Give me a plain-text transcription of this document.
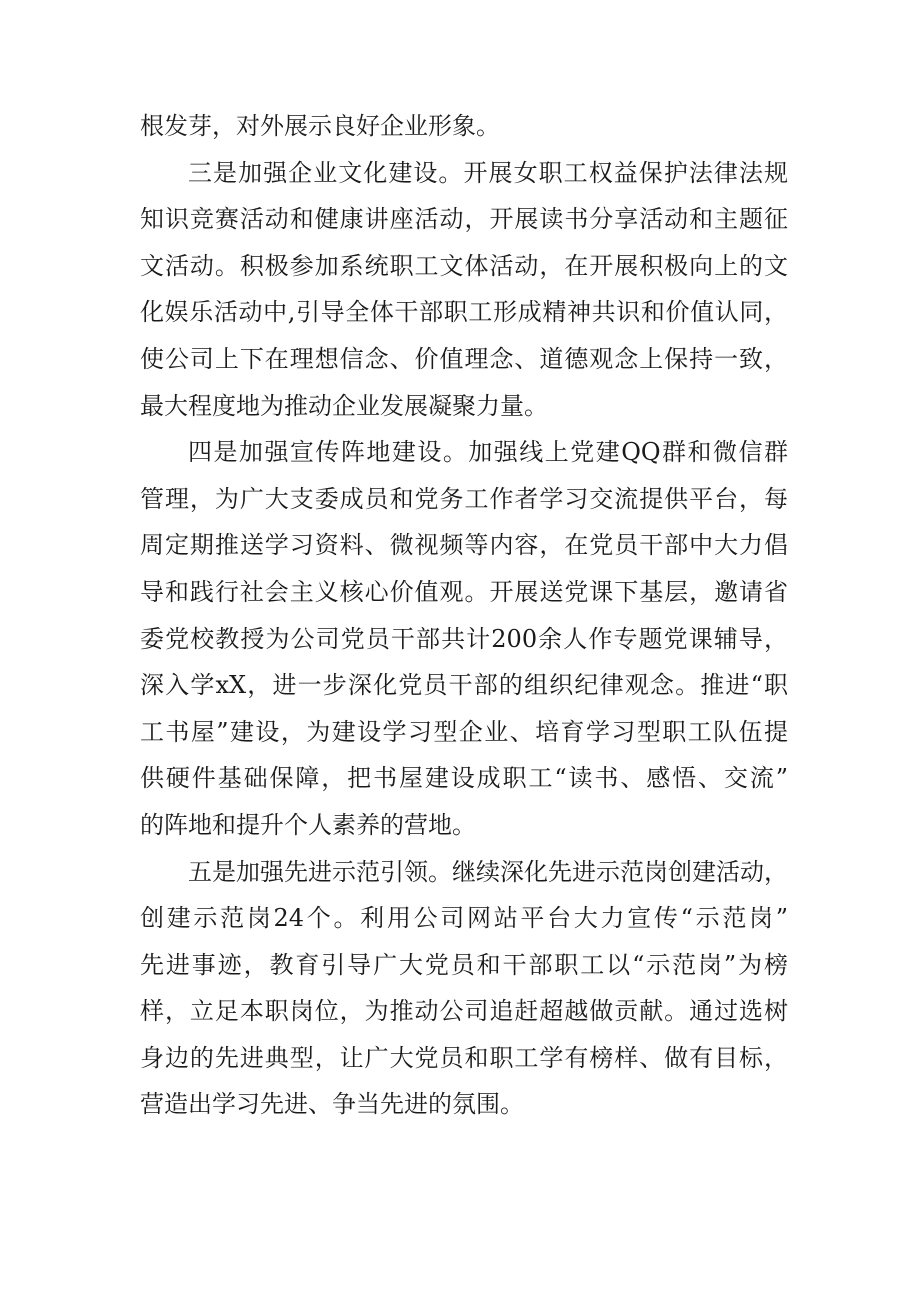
根发芽，对外展示良好企业形象。
三是加强企业文化建设。开展女职工权益保护法律法规
知识竞赛活动和健康讲座活动，开展读书分享活动和主题征
文活动。积极参加系统职工文体活动，在开展积极向上的文
化娱乐活动中,引导全体干部职工形成精神共识和价值认同，
使公司上下在理想信念、价值理念、道德观念上保持一致，
最大程度地为推动企业发展凝聚力量。
四是加强宣传阵地建设。加强线上党建QQ群和微信群
管理，为广大支委成员和党务工作者学习交流提供平台，每
周定期推送学习资料、微视频等内容，在党员干部中大力倡
导和践行社会主义核心价值观。开展送党课下基层，邀请省
委党校教授为公司党员干部共计200余人作专题党课辅导，
深入学xX，进一步深化党员干部的组织纪律观念。推进“职
工书屋”建设，为建设学习型企业、培育学习型职工队伍提
供硬件基础保障，把书屋建设成职工“读书、感悟、交流”
的阵地和提升个人素养的营地。
五是加强先进示范引领。继续深化先进示范岗创建活动，
创建示范岗24个。利用公司网站平台大力宣传“示范岗”
先进事迹，教育引导广大党员和干部职工以“示范岗”为榜
样，立足本职岗位，为推动公司追赶超越做贡献。通过选树
身边的先进典型，让广大党员和职工学有榜样、做有目标，
营造出学习先进、争当先进的氛围。
